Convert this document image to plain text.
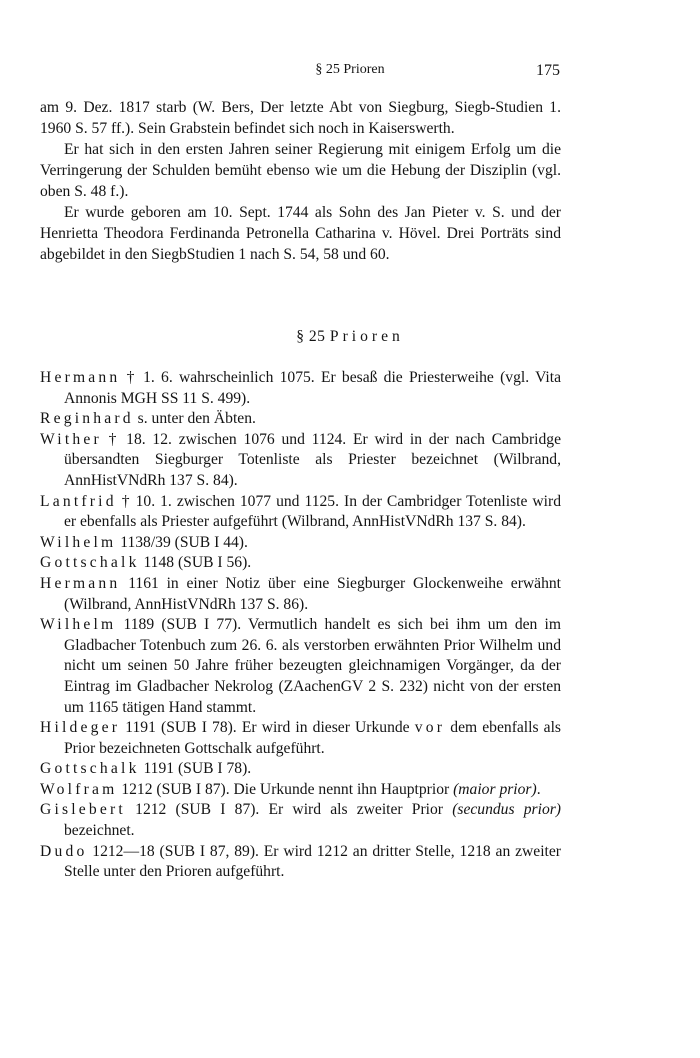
§ 25 Prioren	175

am 9. Dez. 1817 starb (W. Bers, Der letzte Abt von Siegburg, Siegb-Studien 1. 1960 S. 57 ff.). Sein Grabstein befindet sich noch in Kaiserswerth.

Er hat sich in den ersten Jahren seiner Regierung mit einigem Erfolg um die Verringerung der Schulden bemüht ebenso wie um die Hebung der Disziplin (vgl. oben S. 48 f.).

Er wurde geboren am 10. Sept. 1744 als Sohn des Jan Pieter v. S. und der Henrietta Theodora Ferdinanda Petronella Catharina v. Hövel. Drei Porträts sind abgebildet in den SiegbStudien 1 nach S. 54, 58 und 60.

§ 25 Prioren

Hermann † 1. 6. wahrscheinlich 1075. Er besaß die Priesterweihe (vgl. Vita Annonis MGH SS 11 S. 499).

Reginhard s. unter den Äbten.

Wither † 18. 12. zwischen 1076 und 1124. Er wird in der nach Cambridge übersandten Siegburger Totenliste als Priester bezeichnet (Wilbrand, AnnHistVNdRh 137 S. 84).

Lantfrid † 10. 1. zwischen 1077 und 1125. In der Cambridger Totenliste wird er ebenfalls als Priester aufgeführt (Wilbrand, AnnHistVNdRh 137 S. 84).

Wilhelm 1138/39 (SUB I 44).

Gottschalk 1148 (SUB I 56).

Hermann 1161 in einer Notiz über eine Siegburger Glockenweihe erwähnt (Wilbrand, AnnHistVNdRh 137 S. 86).

Wilhelm 1189 (SUB I 77). Vermutlich handelt es sich bei ihm um den im Gladbacher Totenbuch zum 26. 6. als verstorben erwähnten Prior Wilhelm und nicht um seinen 50 Jahre früher bezeugten gleichnamigen Vorgänger, da der Eintrag im Gladbacher Nekrolog (ZAachenGV 2 S. 232) nicht von der ersten um 1165 tätigen Hand stammt.

Hildeger 1191 (SUB I 78). Er wird in dieser Urkunde vor dem ebenfalls als Prior bezeichneten Gottschalk aufgeführt.

Gottschalk 1191 (SUB I 78).

Wolfram 1212 (SUB I 87). Die Urkunde nennt ihn Hauptprior (maior prior).

Gislebert 1212 (SUB I 87). Er wird als zweiter Prior (secundus prior) bezeichnet.

Dudo 1212—18 (SUB I 87, 89). Er wird 1212 an dritter Stelle, 1218 an zweiter Stelle unter den Prioren aufgeführt.
